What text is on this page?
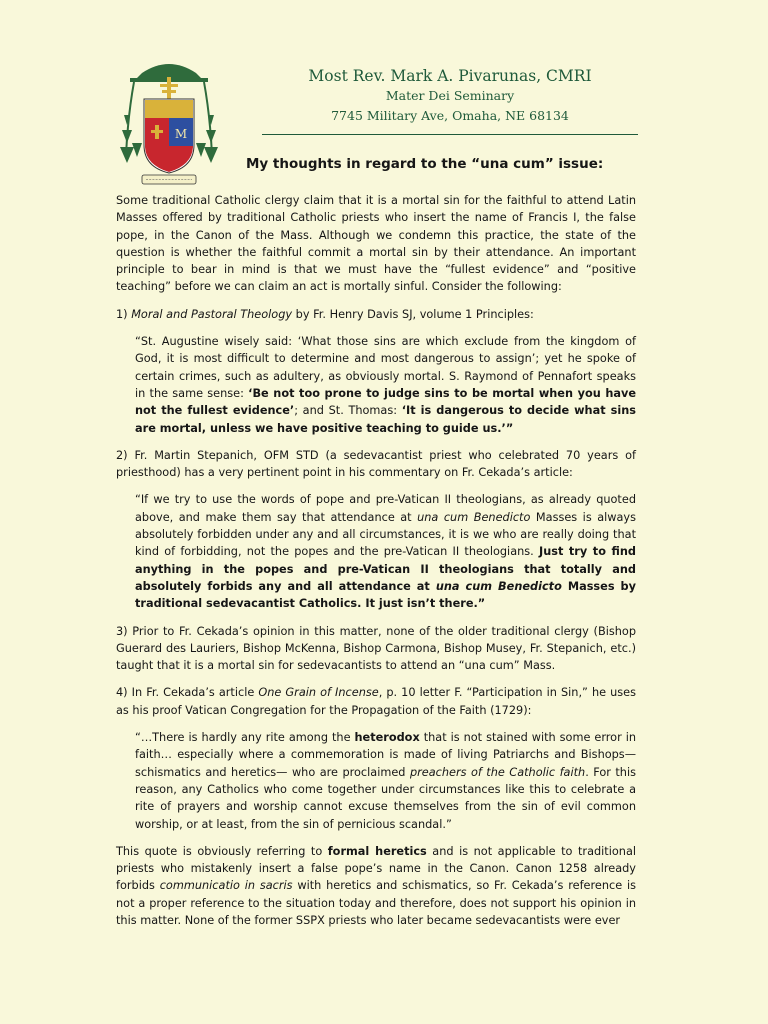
M
Most Rev. Mark A. Pivarunas, CMRI
Mater Dei Seminary
7745 Military Ave, Omaha, NE 68134
My thoughts in regard to the “una cum” issue:

Some traditional Catholic clergy claim that it is a mortal sin for the faithful to attend Latin Masses offered by traditional Catholic priests who insert the name of Francis I, the false pope, in the Canon of the Mass. Although we condemn this practice, the state of the question is whether the faithful commit a mortal sin by their attendance. An important principle to bear in mind is that we must have the “fullest evidence” and “positive teaching” before we can claim an act is mortally sinful. Consider the following:

1) Moral and Pastoral Theology by Fr. Henry Davis SJ, volume 1 Principles:

“St. Augustine wisely said: ‘What those sins are which exclude from the kingdom of God, it is most difficult to determine and most dangerous to assign’; yet he spoke of certain crimes, such as adultery, as obviously mortal. S. Raymond of Pennafort speaks in the same sense: ‘Be not too prone to judge sins to be mortal when you have not the fullest evidence’; and St. Thomas: ‘It is dangerous to decide what sins are mortal, unless we have positive teaching to guide us.’”

2) Fr. Martin Stepanich, OFM STD (a sedevacantist priest who celebrated 70 years of priesthood) has a very pertinent point in his commentary on Fr. Cekada’s article:

“If we try to use the words of pope and pre-Vatican II theologians, as already quoted above, and make them say that attendance at una cum Benedicto Masses is always absolutely forbidden under any and all circumstances, it is we who are really doing that kind of forbidding, not the popes and the pre-Vatican II theologians. Just try to find anything in the popes and pre-Vatican II theologians that totally and absolutely forbids any and all attendance at una cum Benedicto Masses by traditional sedevacantist Catholics. It just isn’t there.”

3) Prior to Fr. Cekada’s opinion in this matter, none of the older traditional clergy (Bishop Guerard des Lauriers, Bishop McKenna, Bishop Carmona, Bishop Musey, Fr. Stepanich, etc.) taught that it is a mortal sin for sedevacantists to attend an “una cum” Mass.

4) In Fr. Cekada’s article One Grain of Incense, p. 10 letter F. “Participation in Sin,” he uses as his proof Vatican Congregation for the Propagation of the Faith (1729):

“…There is hardly any rite among the heterodox that is not stained with some error in faith… especially where a commemoration is made of living Patriarchs and Bishops—schismatics and heretics— who are proclaimed preachers of the Catholic faith. For this reason, any Catholics who come together under circumstances like this to celebrate a rite of prayers and worship cannot excuse themselves from the sin of evil common worship, or at least, from the sin of pernicious scandal.”

This quote is obviously referring to formal heretics and is not applicable to traditional priests who mistakenly insert a false pope’s name in the Canon. Canon 1258 already forbids communicatio in sacris with heretics and schismatics, so Fr. Cekada’s reference is not a proper reference to the situation today and therefore, does not support his opinion in this matter. None of the former SSPX priests who later became sedevacantists were ever
